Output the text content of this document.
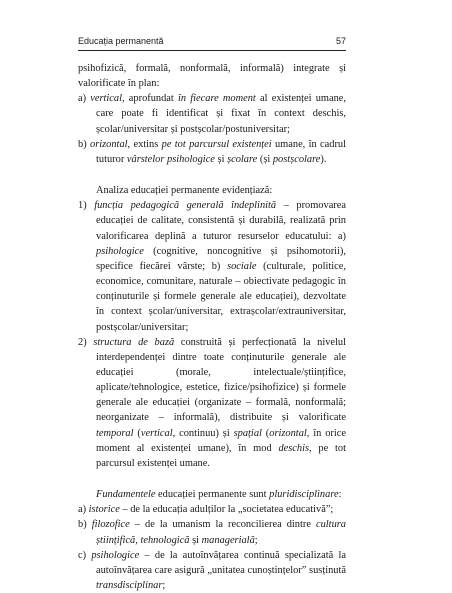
Educația permanentă	57

psihofizică, formală, nonformală, informală) integrate și valorificate în plan:

a) vertical, aprofundat în fiecare moment al existenței umane, care poate fi identificat și fixat în context deschis, școlar/universitar și postșcolar/postuniversitar;

b) orizontal, extins pe tot parcursul existenței umane, în cadrul tuturor vârstelor psihologice și școlare (și postșcolare).

Analiza educației permanente evidențiază:

1) funcția pedagogică generală îndeplinită – promovarea educației de calitate, consistentă și durabilă, realizată prin valorificarea deplină a tuturor resurselor educatului: a) psihologice (cognitive, noncognitive și psihomotorii), specifice fiecărei vârste; b) sociale (culturale, politice, economice, comunitare, naturale – obiectivate pedagogic în conținuturile și formele generale ale educației), dezvoltate în context școlar/universitar, extrașcolar/extrauniversitar, postșcolar/universitar;

2) structura de bază construită și perfecționată la nivelul interdependenței dintre toate conținuturile generale ale educației (morale, intelectuale/științifice, aplicate/tehnologice, estetice, fizice/psihofizice) și formele generale ale educației (organizate – formală, nonformală; neorganizate – informală), distribuite și valorificate temporal (vertical, continuu) și spațial (orizontal, în orice moment al existenței umane), în mod deschis, pe tot parcursul existenței umane.

Fundamentele educației permanente sunt pluridisciplinare:

a) istorice – de la educația adulților la „societatea educativă”;

b) filozofice – de la umanism la reconcilierea dintre cultura științifică, tehnologică și managerială;

c) psihologice – de la autoînvățarea continuă specializată la autoînvățarea care asigură „unitatea cunoștințelor” susținută transdisciplinar;
